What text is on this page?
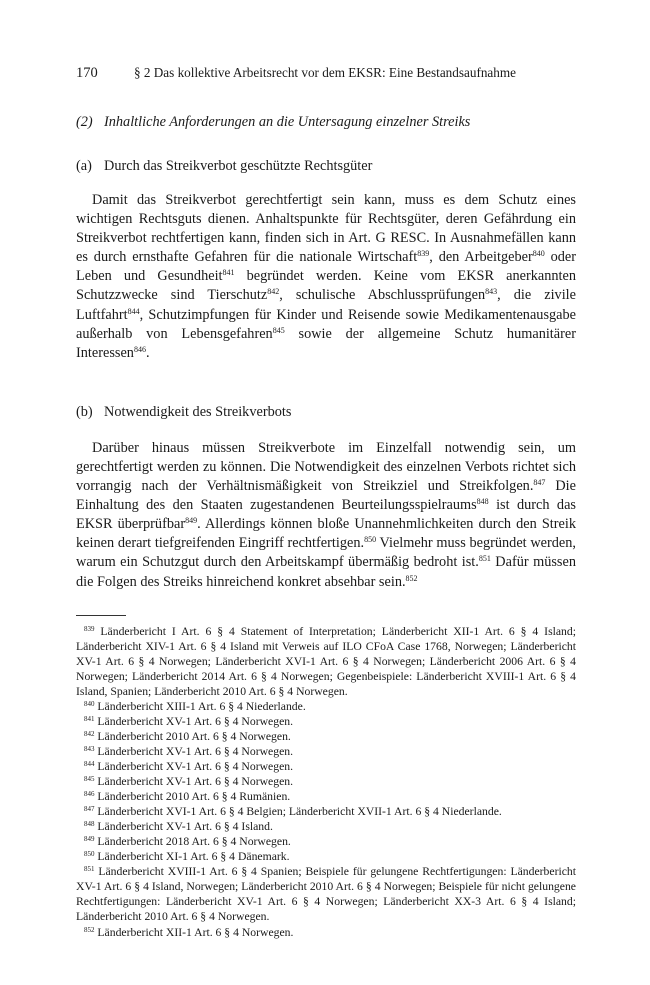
170	§ 2 Das kollektive Arbeitsrecht vor dem EKSR: Eine Bestandsaufnahme
(2) Inhaltliche Anforderungen an die Untersagung einzelner Streiks
(a) Durch das Streikverbot geschützte Rechtsgüter

Damit das Streikverbot gerechtfertigt sein kann, muss es dem Schutz eines wichtigen Rechtsguts dienen. Anhaltspunkte für Rechtsgüter, deren Gefährdung ein Streikverbot rechtfertigen kann, finden sich in Art. G RESC. In Ausnahmefällen kann es durch ernsthafte Gefahren für die nationale Wirtschaft$^{839}$, den Arbeitgeber$^{840}$ oder Leben und Gesundheit$^{841}$ begründet werden. Keine vom EKSR anerkannten Schutzzwecke sind Tierschutz$^{842}$, schulische Abschlussprüfungen$^{843}$, die zivile Luftfahrt$^{844}$, Schutzimpfungen für Kinder und Reisende sowie Medikamentenausgabe außerhalb von Lebensgefahren$^{845}$ sowie der allgemeine Schutz humanitärer Interessen$^{846}$.

(b) Notwendigkeit des Streikverbots

Darüber hinaus müssen Streikverbote im Einzelfall notwendig sein, um gerechtfertigt werden zu können. Die Notwendigkeit des einzelnen Verbots richtet sich vorrangig nach der Verhältnismäßigkeit von Streikziel und Streikfolgen.$^{847}$ Die Einhaltung des den Staaten zugestandenen Beurteilungsspielraums$^{848}$ ist durch das EKSR überprüfbar$^{849}$. Allerdings können bloße Unannehmlichkeiten durch den Streik keinen derart tiefgreifenden Eingriff rechtfertigen.$^{850}$ Vielmehr muss begründet werden, warum ein Schutzgut durch den Arbeitskampf übermäßig bedroht ist.$^{851}$ Dafür müssen die Folgen des Streiks hinreichend konkret absehbar sein.$^{852}$

$^{839}$ Länderbericht I Art. 6 § 4 Statement of Interpretation; Länderbericht XII-1 Art. 6 § 4 Island; Länderbericht XIV-1 Art. 6 § 4 Island mit Verweis auf ILO CFoA Case 1768, Norwegen; Länderbericht XV-1 Art. 6 § 4 Norwegen; Länderbericht XVI-1 Art. 6 § 4 Norwegen; Länderbericht 2006 Art. 6 § 4 Norwegen; Länderbericht 2014 Art. 6 § 4 Norwegen; Gegenbeispiele: Länderbericht XVIII-1 Art. 6 § 4 Island, Spanien; Länderbericht 2010 Art. 6 § 4 Norwegen.

$^{840}$ Länderbericht XIII-1 Art. 6 § 4 Niederlande.

$^{841}$ Länderbericht XV-1 Art. 6 § 4 Norwegen.

$^{842}$ Länderbericht 2010 Art. 6 § 4 Norwegen.

$^{843}$ Länderbericht XV-1 Art. 6 § 4 Norwegen.

$^{844}$ Länderbericht XV-1 Art. 6 § 4 Norwegen.

$^{845}$ Länderbericht XV-1 Art. 6 § 4 Norwegen.

$^{846}$ Länderbericht 2010 Art. 6 § 4 Rumänien.

$^{847}$ Länderbericht XVI-1 Art. 6 § 4 Belgien; Länderbericht XVII-1 Art. 6 § 4 Niederlande.

$^{848}$ Länderbericht XV-1 Art. 6 § 4 Island.

$^{849}$ Länderbericht 2018 Art. 6 § 4 Norwegen.

$^{850}$ Länderbericht XI-1 Art. 6 § 4 Dänemark.

$^{851}$ Länderbericht XVIII-1 Art. 6 § 4 Spanien; Beispiele für gelungene Rechtfertigungen: Länderbericht XV-1 Art. 6 § 4 Island, Norwegen; Länderbericht 2010 Art. 6 § 4 Norwegen; Beispiele für nicht gelungene Rechtfertigungen: Länderbericht XV-1 Art. 6 § 4 Norwegen; Länderbericht XX-3 Art. 6 § 4 Island; Länderbericht 2010 Art. 6 § 4 Norwegen.

$^{852}$ Länderbericht XII-1 Art. 6 § 4 Norwegen.
